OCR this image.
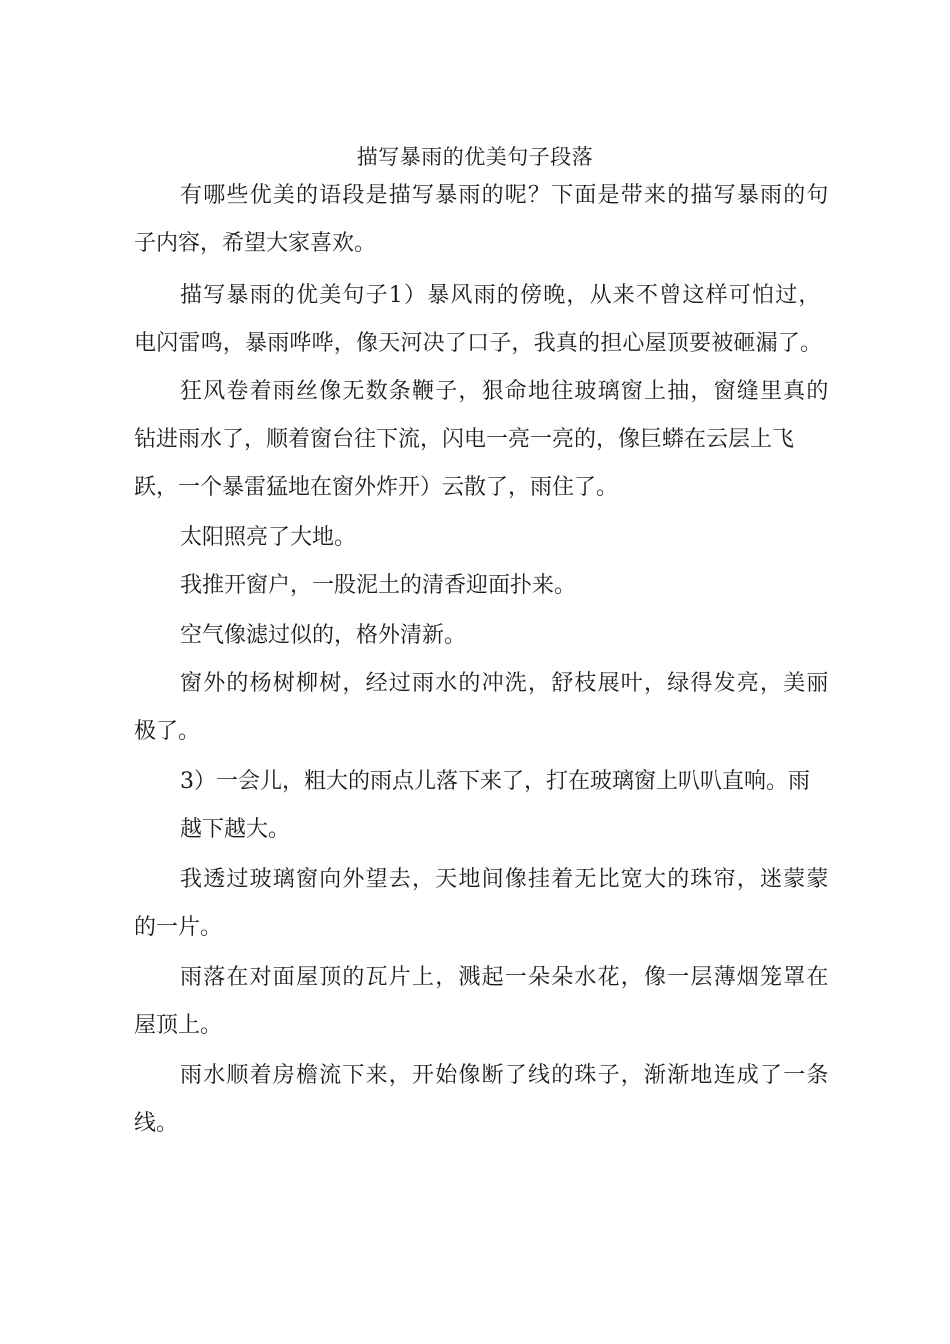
描写暴雨的优美句子段落
有哪些优美的语段是描写暴雨的呢？下面是带来的描写暴雨的句
子内容，希望大家喜欢。
描写暴雨的优美句子1）暴风雨的傍晚，从来不曾这样可怕过，
电闪雷鸣，暴雨哗哗，像天河决了口子，我真的担心屋顶要被砸漏了。
狂风卷着雨丝像无数条鞭子，狠命地往玻璃窗上抽，窗缝里真的
钻进雨水了，顺着窗台往下流，闪电一亮一亮的，像巨蟒在云层上飞
跃，一个暴雷猛地在窗外炸开）云散了，雨住了。
太阳照亮了大地。
我推开窗户，一股泥土的清香迎面扑来。
空气像滤过似的，格外清新。
窗外的杨树柳树，经过雨水的冲洗，舒枝展叶，绿得发亮，美丽
极了。
3）一会儿，粗大的雨点儿落下来了，打在玻璃窗上叭叭直响。雨
越下越大。
我透过玻璃窗向外望去，天地间像挂着无比宽大的珠帘，迷蒙蒙
的一片。
雨落在对面屋顶的瓦片上，溅起一朵朵水花，像一层薄烟笼罩在
屋顶上。
雨水顺着房檐流下来，开始像断了线的珠子，渐渐地连成了一条
线。
